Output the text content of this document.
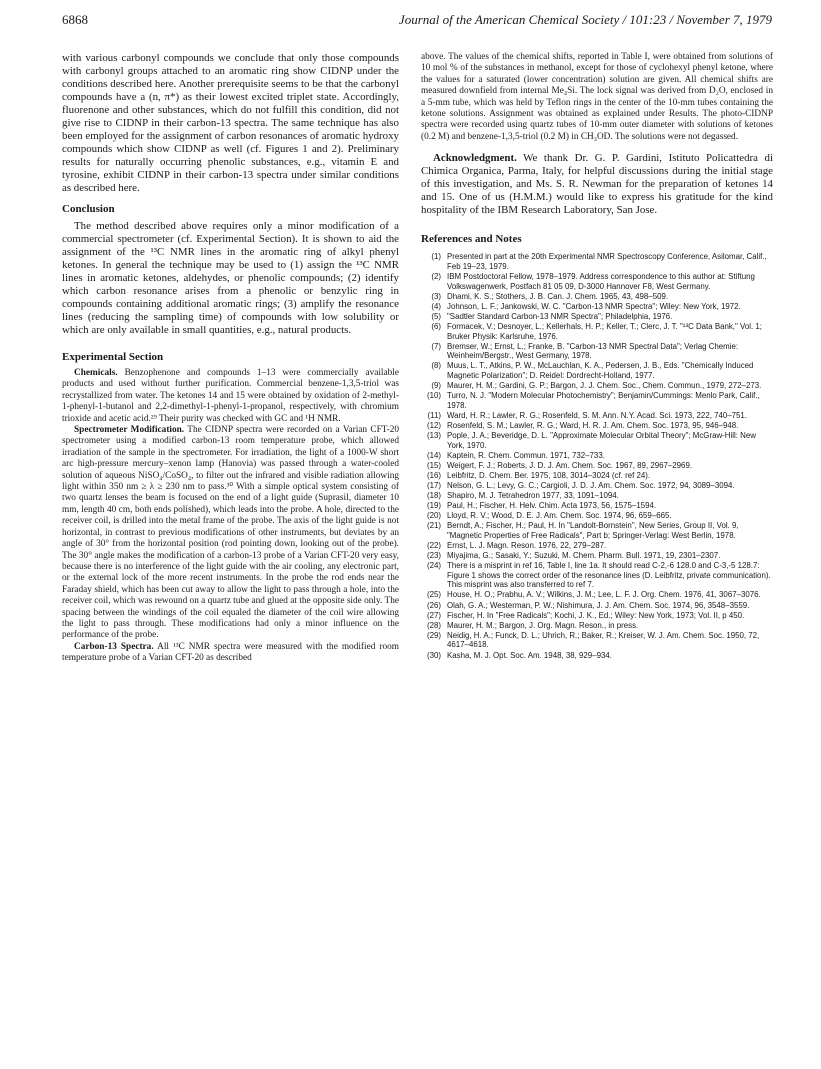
6868	Journal of the American Chemical Society / 101:23 / November 7, 1979

with various carbonyl compounds we conclude that only those compounds with carbonyl groups attached to an aromatic ring show CIDNP under the conditions described here. Another prerequisite seems to be that the carbonyl compounds have a (n, π*) as their lowest excited triplet state. Accordingly, fluorenone and other substances, which do not fulfill this condition, did not give rise to CIDNP in their carbon-13 spectra. The same technique has also been employed for the assignment of carbon resonances of aromatic hydroxy compounds which show CIDNP as well (cf. Figures 1 and 2). Preliminary results for naturally occurring phenolic substances, e.g., vitamin E and tyrosine, exhibit CIDNP in their carbon-13 spectra under similar conditions as described here.

Conclusion

The method described above requires only a minor modification of a commercial spectrometer (cf. Experimental Section). It is shown to aid the assignment of the ¹³C NMR lines in the aromatic ring of alkyl phenyl ketones. In general the technique may be used to (1) assign the ¹³C NMR lines in aromatic ketones, aldehydes, or phenolic compounds; (2) identify which carbon resonance arises from a phenolic or benzylic ring in compounds containing additional aromatic rings; (3) amplify the resonance lines (reducing the sampling time) of compounds with low solubility or which are only available in small quantities, e.g., natural products.

Experimental Section

Chemicals. Benzophenone and compounds 1–13 were commercially available products and used without further purification. Commercial benzene-1,3,5-triol was recrystallized from water. The ketones 14 and 15 were obtained by oxidation of 2-methyl-1-phenyl-1-butanol and 2,2-dimethyl-1-phenyl-1-propanol, respectively, with chromium trioxide and acetic acid.²⁹ Their purity was checked with GC and ¹H NMR.

Spectrometer Modification. The CIDNP spectra were recorded on a Varian CFT-20 spectrometer using a modified carbon-13 room temperature probe, which allowed irradiation of the sample in the spectrometer. For irradiation, the light of a 1000-W short arc high-pressure mercury–xenon lamp (Hanovia) was passed through a water-cooled solution of aqueous NiSO₄/CoSO₄, to filter out the infrared and visible radiation allowing light within 350 nm ≥ λ ≥ 230 nm to pass.³⁰ With a simple optical system consisting of two quartz lenses the beam is focused on the end of a light guide (Suprasil, diameter 10 mm, length 40 cm, both ends polished), which leads into the probe. A hole, directed to the receiver coil, is drilled into the metal frame of the probe. The axis of the light guide is not horizontal, in contrast to previous modifications of other instruments, but deviates by an angle of 30° from the horizontal position (rod pointing down, looking out of the probe). The 30° angle makes the modification of a carbon-13 probe of a Varian CFT-20 very easy, because there is no interference of the light guide with the air cooling, any electronic part, or the external lock of the more recent instruments. In the probe the rod ends near the Faraday shield, which has been cut away to allow the light to pass through a hole, into the receiver coil, which was rewound on a quartz tube and glued at the opposite side only. The spacing between the windings of the coil equaled the diameter of the coil wire allowing the light to pass through. These modifications had only a minor influence on the performance of the probe.

Carbon-13 Spectra. All ¹³C NMR spectra were measured with the modified room temperature probe of a Varian CFT-20 as described

above. The values of the chemical shifts, reported in Table I, were obtained from solutions of 10 mol % of the substances in methanol, except for those of cyclohexyl phenyl ketone, where the values for a saturated (lower concentration) solution are given. All chemical shifts are measured downfield from internal Me₄Si. The lock signal was derived from D₂O, enclosed in a 5-mm tube, which was held by Teflon rings in the center of the 10-mm tubes containing the ketone solutions. Assignment was obtained as explained under Results. The photo-CIDNP spectra were recorded using quartz tubes of 10-mm outer diameter with solutions of ketones (0.2 M) and benzene-1,3,5-triol (0.2 M) in CH₃OD. The solutions were not degassed.

Acknowledgment. We thank Dr. G. P. Gardini, Istituto Policattedra di Chimica Organica, Parma, Italy, for helpful discussions during the initial stage of this investigation, and Ms. S. R. Newman for the preparation of ketones 14 and 15. One of us (H.M.M.) would like to express his gratitude for the kind hospitality of the IBM Research Laboratory, San Jose.

References and Notes
(1) Presented in part at the 20th Experimental NMR Spectroscopy Conference, Asilomar, Calif., Feb 19–23, 1979.
(2) IBM Postdoctoral Fellow, 1978–1979. Address correspondence to this author at: Stiftung Volkswagenwerk, Postfach 81 05 09, D-3000 Hannover F8, West Germany.
(3) Dhami, K. S.; Stothers, J. B. Can. J. Chem. 1965, 43, 498–509.
(4) Johnson, L. F.; Jankowski, W. C. "Carbon-13 NMR Spectra"; Wiley: New York, 1972.
(5) "Sadtler Standard Carbon-13 NMR Spectra"; Philadelphia, 1976.
(6) Formacek, V.; Desnoyer, L.; Kellerhals, H. P.; Keller, T.; Clerc, J. T. "¹³C Data Bank," Vol. 1; Bruker Physik: Karlsruhe, 1976.
(7) Bremser, W.; Ernst, L.; Franke, B. "Carbon-13 NMR Spectral Data"; Verlag Chemie: Weinheim/Bergstr., West Germany, 1978.
(8) Muus, L. T., Atkins, P. W., McLauchlan, K. A., Pedersen, J. B., Eds. "Chemically Induced Magnetic Polarization"; D. Reidel: Dordrecht-Holland, 1977.
(9) Maurer, H. M.; Gardini, G. P.; Bargon, J. J. Chem. Soc., Chem. Commun., 1979, 272–273.
(10) Turro, N. J. "Modern Molecular Photochemistry"; Benjamin/Cummings: Menlo Park, Calif., 1978.
(11) Ward, H. R.; Lawler, R. G.; Rosenfeld, S. M. Ann. N.Y. Acad. Sci. 1973, 222, 740–751.
(12) Rosenfeld, S. M.; Lawler, R. G.; Ward, H. R. J. Am. Chem. Soc. 1973, 95, 946–948.
(13) Pople, J. A.; Beveridge, D. L. "Approximate Molecular Orbital Theory"; McGraw-Hill: New York, 1970.
(14) Kaptein, R. Chem. Commun. 1971, 732–733.
(15) Weigert, F. J.; Roberts, J. D. J. Am. Chem. Soc. 1967, 89, 2967–2969.
(16) Leibfritz, D. Chem. Ber. 1975, 108, 3014–3024 (cf. ref 24).
(17) Nelson, G. L.; Levy, G. C.; Cargioli, J. D. J. Am. Chem. Soc. 1972, 94, 3089–3094.
(18) Shapiro, M. J. Tetrahedron 1977, 33, 1091–1094.
(19) Paul, H.; Fischer, H. Helv. Chim. Acta 1973, 56, 1575–1594.
(20) Lloyd, R. V.; Wood, D. E. J. Am. Chem. Soc. 1974, 96, 659–665.
(21) Berndt, A.; Fischer, H.; Paul, H. In "Landolt-Bornstein", New Series, Group II, Vol. 9, "Magnetic Properties of Free Radicals", Part b; Springer-Verlag: West Berlin, 1978.
(22) Ernst, L. J. Magn. Reson. 1976, 22, 279–287.
(23) Miyajima, G.; Sasaki, Y.; Suzuki, M. Chem. Pharm. Bull. 1971, 19, 2301–2307.
(24) There is a misprint in ref 16, Table I, line 1a. It should read C-2,-6 128.0 and C-3,-5 128.7: Figure 1 shows the correct order of the resonance lines (D. Leibfritz, private communication). This misprint was also transferred to ref 7.
(25) House, H. O.; Prabhu, A. V.; Wilkins, J. M.; Lee, L. F. J. Org. Chem. 1976, 41, 3067–3076.
(26) Olah, G. A.; Westerman, P. W.; Nishimura, J. J. Am. Chem. Soc. 1974, 96, 3548–3559.
(27) Fischer, H. In "Free Radicals"; Kochi, J. K., Ed.; Wiley: New York, 1973; Vol. II, p 450.
(28) Maurer, H. M.; Bargon, J. Org. Magn. Reson., in press.
(29) Neidig, H. A.; Funck, D. L.; Uhrich, R.; Baker, R.; Kreiser, W. J. Am. Chem. Soc. 1950, 72, 4617–4618.
(30) Kasha, M. J. Opt. Soc. Am. 1948, 38, 929–934.
